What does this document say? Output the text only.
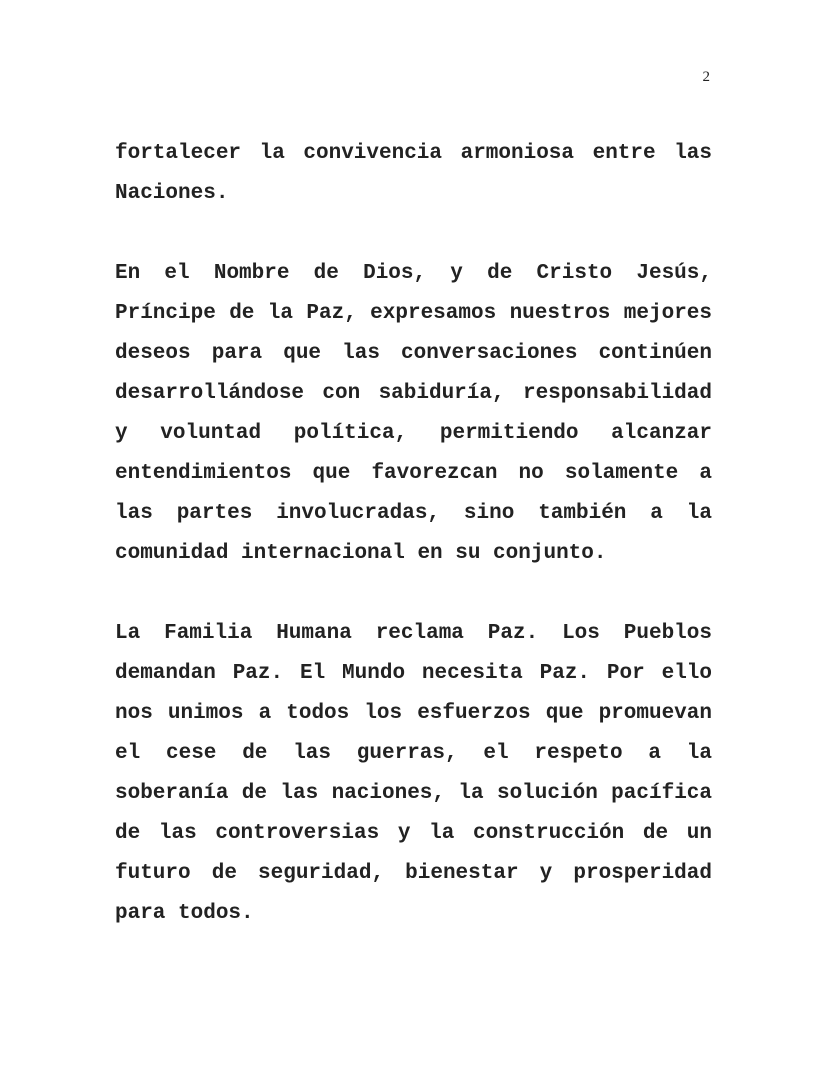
2

fortalecer la convivencia armoniosa entre las
Naciones.

En el Nombre de Dios, y de Cristo Jesús,
Príncipe de la Paz, expresamos nuestros mejores
deseos para que las conversaciones continúen
desarrollándose con sabiduría, responsabilidad
y voluntad política, permitiendo alcanzar
entendimientos que favorezcan no solamente a
las partes involucradas, sino también a la
comunidad internacional en su conjunto.

La Familia Humana reclama Paz. Los Pueblos
demandan Paz. El Mundo necesita Paz. Por ello
nos unimos a todos los esfuerzos que promuevan
el cese de las guerras, el respeto a la
soberanía de las naciones, la solución pacífica
de las controversias y la construcción de un
futuro de seguridad, bienestar y prosperidad
para todos.
